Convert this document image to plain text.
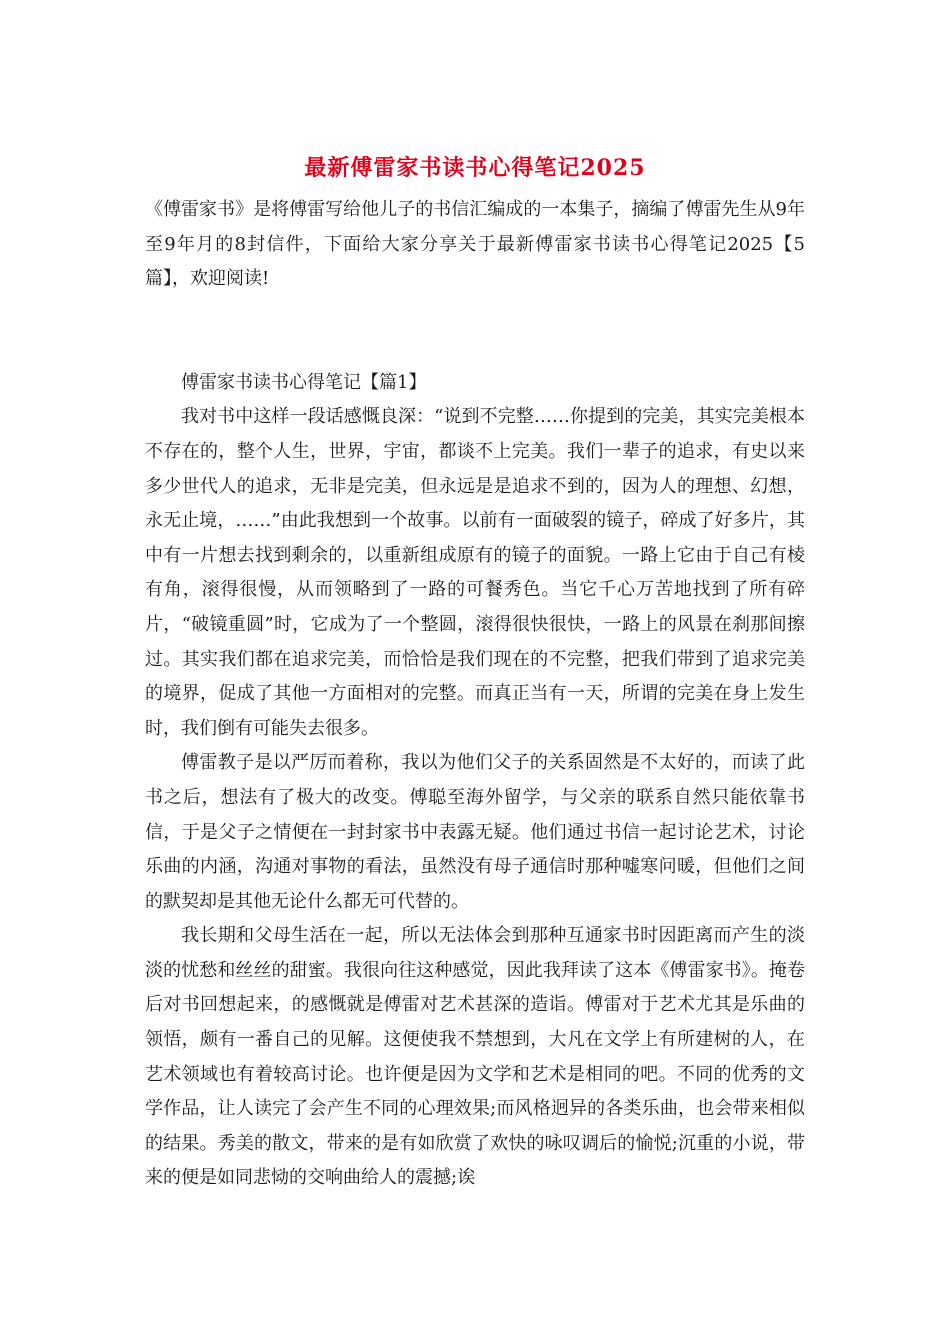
最新傅雷家书读书心得笔记2025

《傅雷家书》是将傅雷写给他儿子的书信汇编成的一本集子，摘编了傅雷先生从9年至9年月的8封信件，下面给大家分享关于最新傅雷家书读书心得笔记2025【5篇】，欢迎阅读!

傅雷家书读书心得笔记【篇1】

我对书中这样一段话感慨良深：“说到不完整……你提到的完美，其实完美根本不存在的，整个人生，世界，宇宙，都谈不上完美。我们一辈子的追求，有史以来多少世代人的追求，无非是完美，但永远是是追求不到的，因为人的理想、幻想，永无止境，……”由此我想到一个故事。以前有一面破裂的镜子，碎成了好多片，其中有一片想去找到剩余的，以重新组成原有的镜子的面貌。一路上它由于自己有棱有角，滚得很慢，从而领略到了一路的可餐秀色。当它千心万苦地找到了所有碎片，“破镜重圆”时，它成为了一个整圆，滚得很快很快，一路上的风景在刹那间擦过。其实我们都在追求完美，而恰恰是我们现在的不完整，把我们带到了追求完美的境界，促成了其他一方面相对的完整。而真正当有一天，所谓的完美在身上发生时，我们倒有可能失去很多。

傅雷教子是以严厉而着称，我以为他们父子的关系固然是不太好的，而读了此书之后，想法有了极大的改变。傅聪至海外留学，与父亲的联系自然只能依靠书信，于是父子之情便在一封封家书中表露无疑。他们通过书信一起讨论艺术，讨论乐曲的内涵，沟通对事物的看法，虽然没有母子通信时那种嘘寒问暖，但他们之间的默契却是其他无论什么都无可代替的。

我长期和父母生活在一起，所以无法体会到那种互通家书时因距离而产生的淡淡的忧愁和丝丝的甜蜜。我很向往这种感觉，因此我拜读了这本《傅雷家书》。掩卷后对书回想起来，的感慨就是傅雷对艺术甚深的造诣。傅雷对于艺术尤其是乐曲的领悟，颇有一番自己的见解。这便使我不禁想到，大凡在文学上有所建树的人，在艺术领域也有着较高讨论。也许便是因为文学和艺术是相同的吧。不同的优秀的文学作品，让人读完了会产生不同的心理效果;而风格迥异的各类乐曲，也会带来相似的结果。秀美的散文，带来的是有如欣赏了欢快的咏叹调后的愉悦;沉重的小说，带来的便是如同悲恸的交响曲给人的震撼;诶
